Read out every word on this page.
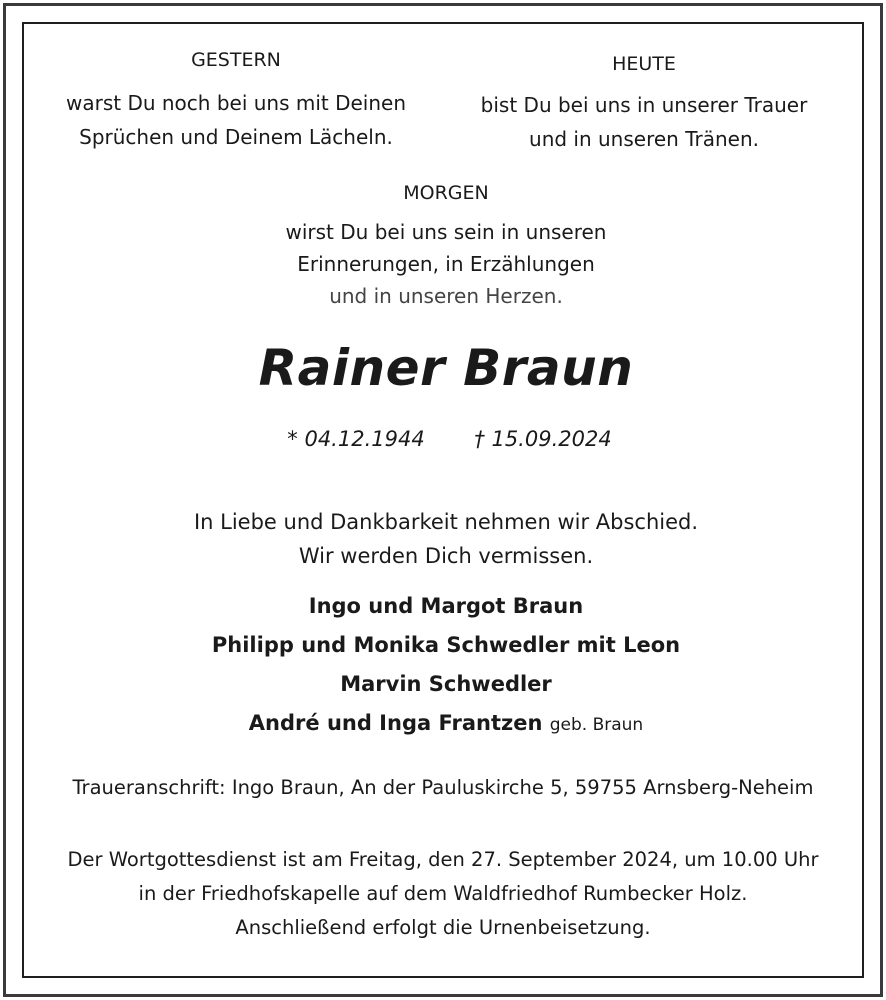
GESTERN
warst Du noch bei uns mit Deinen
Sprüchen und Deinem Lächeln.
HEUTE
bist Du bei uns in unserer Trauer
und in unseren Tränen.
MORGEN
wirst Du bei uns sein in unseren
Erinnerungen, in Erzählungen
und in unseren Herzen.
Rainer Braun
* 04.12.1944	† 15.09.2024
In Liebe und Dankbarkeit nehmen wir Abschied.
Wir werden Dich vermissen.
Ingo und Margot Braun
Philipp und Monika Schwedler mit Leon
Marvin Schwedler
André und Inga Frantzen geb. Braun
Traueranschrift: Ingo Braun, An der Pauluskirche 5, 59755 Arnsberg-Neheim
Der Wortgottesdienst ist am Freitag, den 27. September 2024, um 10.00 Uhr
in der Friedhofskapelle auf dem Waldfriedhof Rumbecker Holz.
Anschließend erfolgt die Urnenbeisetzung.
